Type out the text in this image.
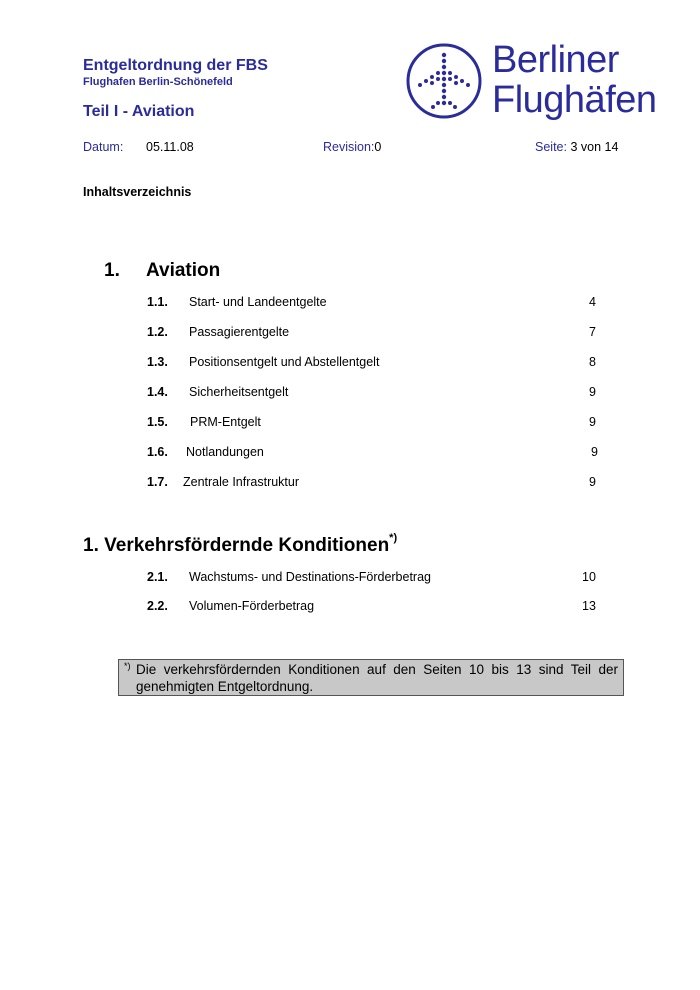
Entgeltordnung der FBS
Flughafen Berlin-Schönefeld
Teil I - Aviation
Berliner
Flughäfen
Datum: 05.11.08	Revision:0	Seite: 3 von 14
Inhaltsverzeichnis
1. Aviation
1.1. Start- und Landeentgelte	4
1.2. Passagierentgelte	7
1.3. Positionsentgelt und Abstellentgelt	8
1.4. Sicherheitsentgelt	9
1.5. PRM-Entgelt	9
1.6. Notlandungen	9
1.7. Zentrale Infrastruktur	9
1. Verkehrsfördernde Konditionen*)
2.1. Wachstums- und Destinations-Förderbetrag	10
2.2. Volumen-Förderbetrag	13
*) Die verkehrsfördernden Konditionen auf den Seiten 10 bis 13 sind Teil der genehmigten Entgeltordnung.
